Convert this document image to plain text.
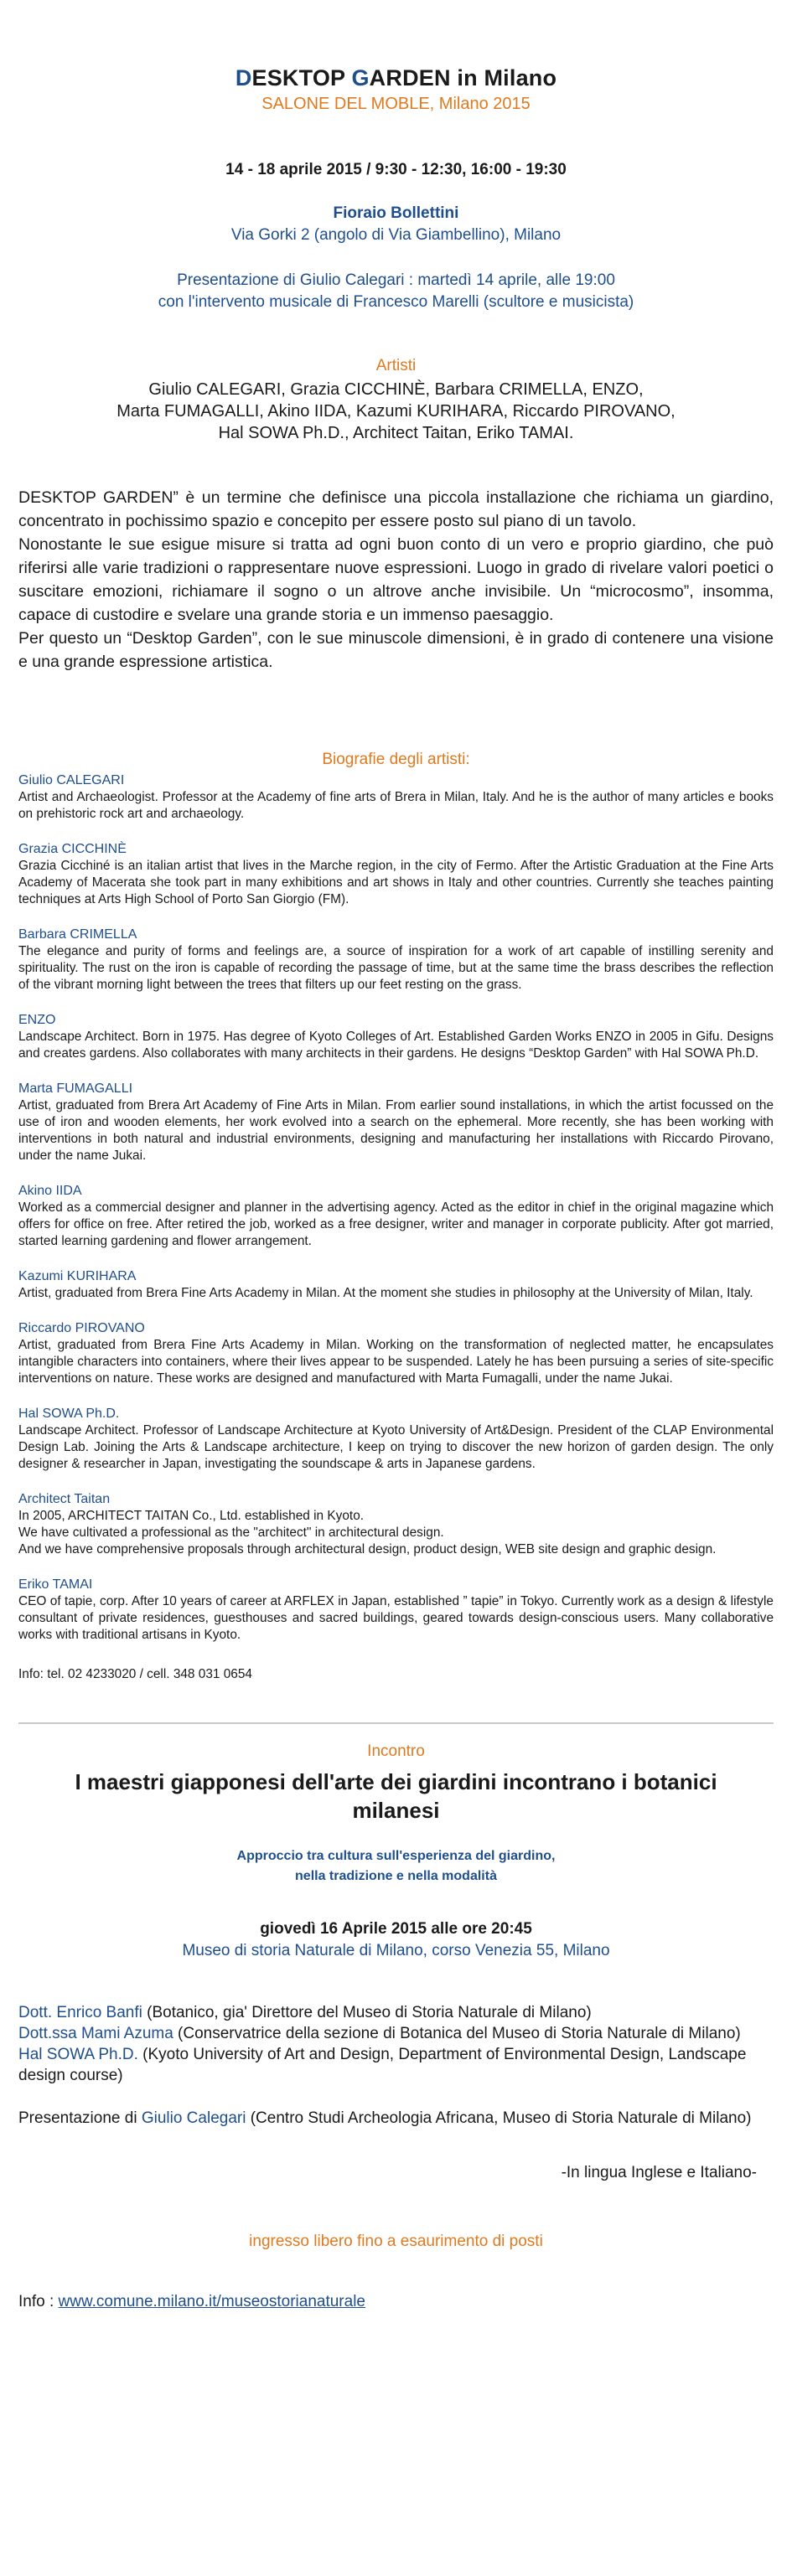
DESKTOP GARDEN in Milano
SALONE DEL MOBLE, Milano 2015
14 - 18 aprile 2015 / 9:30 - 12:30, 16:00 - 19:30
Fioraio Bollettini
Via Gorki 2 (angolo di Via Giambellino), Milano
Presentazione di Giulio Calegari : martedì 14 aprile, alle 19:00
con l'intervento musicale di Francesco Marelli (scultore e musicista)
Artisti
Giulio CALEGARI, Grazia CICCHINÈ, Barbara CRIMELLA, ENZO,
Marta FUMAGALLI, Akino IIDA, Kazumi KURIHARA, Riccardo PIROVANO,
Hal SOWA Ph.D., Architect Taitan, Eriko TAMAI.

DESKTOP GARDEN” è un termine che definisce una piccola installazione che richiama un giardino, concentrato in pochissimo spazio e concepito per essere posto sul piano di un tavolo.

Nonostante le sue esigue misure si tratta ad ogni buon conto di un vero e proprio giardino, che può riferirsi alle varie tradizioni o rappresentare nuove espressioni. Luogo in grado di rivelare valori poetici o suscitare emozioni, richiamare il sogno o un altrove anche invisibile. Un “microcosmo”, insomma, capace di custodire e svelare una grande storia e un immenso paesaggio.

Per questo un “Desktop Garden”, con le sue minuscole dimensioni, è in grado di contenere una visione e una grande espressione artistica.

Biografie degli artisti:
Giulio CALEGARI
Artist and Archaeologist. Professor at the Academy of fine arts of Brera in Milan, Italy. And he is the author of many articles e books on prehistoric rock art and archaeology.
Grazia CICCHINÈ
Grazia Cicchiné is an italian artist that lives in the Marche region, in the city of Fermo. After the Artistic Graduation at the Fine Arts Academy of Macerata she took part in many exhibitions and art shows in Italy and other countries. Currently she teaches painting techniques at Arts High School of Porto San Giorgio (FM).
Barbara CRIMELLA
The elegance and purity of forms and feelings are, a source of inspiration for a work of art capable of instilling serenity and spirituality. The rust on the iron is capable of recording the passage of time, but at the same time the brass describes the reflection of the vibrant morning light between the trees that filters up our feet resting on the grass.
ENZO
Landscape Architect. Born in 1975. Has degree of Kyoto Colleges of Art. Established Garden Works ENZO in 2005 in Gifu. Designs and creates gardens. Also collaborates with many architects in their gardens. He designs “Desktop Garden” with Hal SOWA Ph.D.
Marta FUMAGALLI
Artist, graduated from Brera Art Academy of Fine Arts in Milan. From earlier sound installations, in which the artist focussed on the use of iron and wooden elements, her work evolved into a search on the ephemeral. More recently, she has been working with interventions in both natural and industrial environments, designing and manufacturing her installations with Riccardo Pirovano, under the name Jukai.
Akino IIDA
Worked as a commercial designer and planner in the advertising agency. Acted as the editor in chief in the original magazine which offers for office on free. After retired the job, worked as a free designer, writer and manager in corporate publicity. After got married, started learning gardening and flower arrangement.
Kazumi KURIHARA
Artist, graduated from Brera Fine Arts Academy in Milan. At the moment she studies in philosophy at the University of Milan, Italy.
Riccardo PIROVANO
Artist, graduated from Brera Fine Arts Academy in Milan. Working on the transformation of neglected matter, he encapsulates intangible characters into containers, where their lives appear to be suspended. Lately he has been pursuing a series of site-specific interventions on nature. These works are designed and manufactured with Marta Fumagalli, under the name Jukai.
Hal SOWA Ph.D.
Landscape Architect. Professor of Landscape Architecture at Kyoto University of Art&Design. President of the CLAP Environmental Design Lab. Joining the Arts & Landscape architecture, I keep on trying to discover the new horizon of garden design. The only designer & researcher in Japan, investigating the soundscape & arts in Japanese gardens.
Architect Taitan
In 2005, ARCHITECT TAITAN Co., Ltd. established in Kyoto.
We have cultivated a professional as the "architect" in architectural design.
And we have comprehensive proposals through architectural design, product design, WEB site design and graphic design.
Eriko TAMAI
CEO of tapie, corp. After 10 years of career at ARFLEX in Japan, established ” tapie” in Tokyo. Currently work as a design & lifestyle consultant of private residences, guesthouses and sacred buildings, geared towards design-conscious users. Many collaborative works with traditional artisans in Kyoto.
Info: tel. 02 4233020 / cell. 348 031 0654
Incontro
I maestri giapponesi dell'arte dei giardini incontrano i botanici
milanesi
Approccio tra cultura sull'esperienza del giardino,
nella tradizione e nella modalità
giovedì 16 Aprile 2015 alle ore 20:45
Museo di storia Naturale di Milano, corso Venezia 55, Milano

Dott. Enrico Banfi (Botanico, gia' Direttore del Museo di Storia Naturale di Milano)

Dott.ssa Mami Azuma (Conservatrice della sezione di Botanica del Museo di Storia Naturale di Milano)

Hal SOWA Ph.D. (Kyoto University of Art and Design, Department of Environmental Design, Landscape design course)

Presentazione di Giulio Calegari (Centro Studi Archeologia Africana, Museo di Storia Naturale di Milano)
-In lingua Inglese e Italiano-
ingresso libero fino a esaurimento di posti
Info : www.comune.milano.it/museostorianaturale
